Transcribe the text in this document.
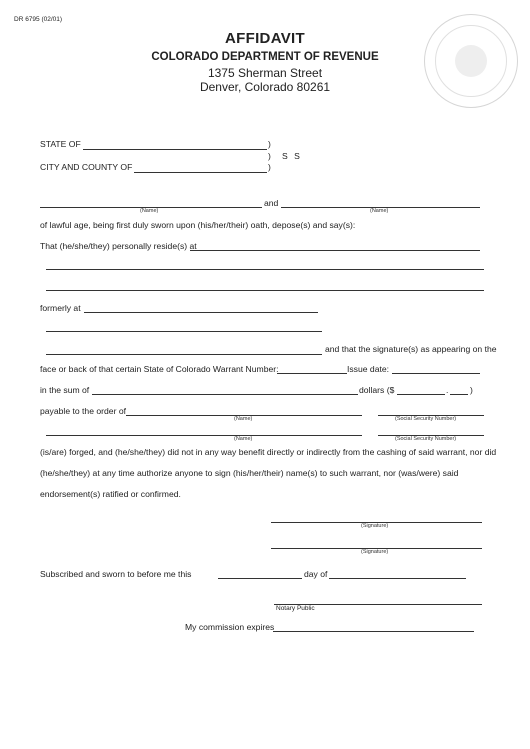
DR 6795 (02/01)
AFFIDAVIT
COLORADO DEPARTMENT OF REVENUE
1375 Sherman Street
Denver, Colorado 80261
STATE OF	)
) S S
CITY AND COUNTY OF	)
and
(Name)	(Name)
of lawful age, being first duly sworn upon (his/her/their) oath, depose(s) and say(s):
That (he/she/they) personally reside(s) at
formerly at
and that the signature(s) as appearing on the
face or back of that certain State of Colorado Warrant Number:	Issue date:
in the sum of	dollars ($	.	)
payable to the order of
(Name)	(Social Security Number)
(Name)	(Social Security Number)
(is/are) forged, and (he/she/they) did not in any way benefit directly or indirectly from the cashing of said warrant, nor did
(he/she/they) at any time authorize anyone to sign (his/her/their) name(s) to such warrant, nor (was/were) said
endorsement(s) ratified or confirmed.
(Signature)
(Signature)
Subscribed and sworn to before me this	day of
Notary Public
My commission expires
